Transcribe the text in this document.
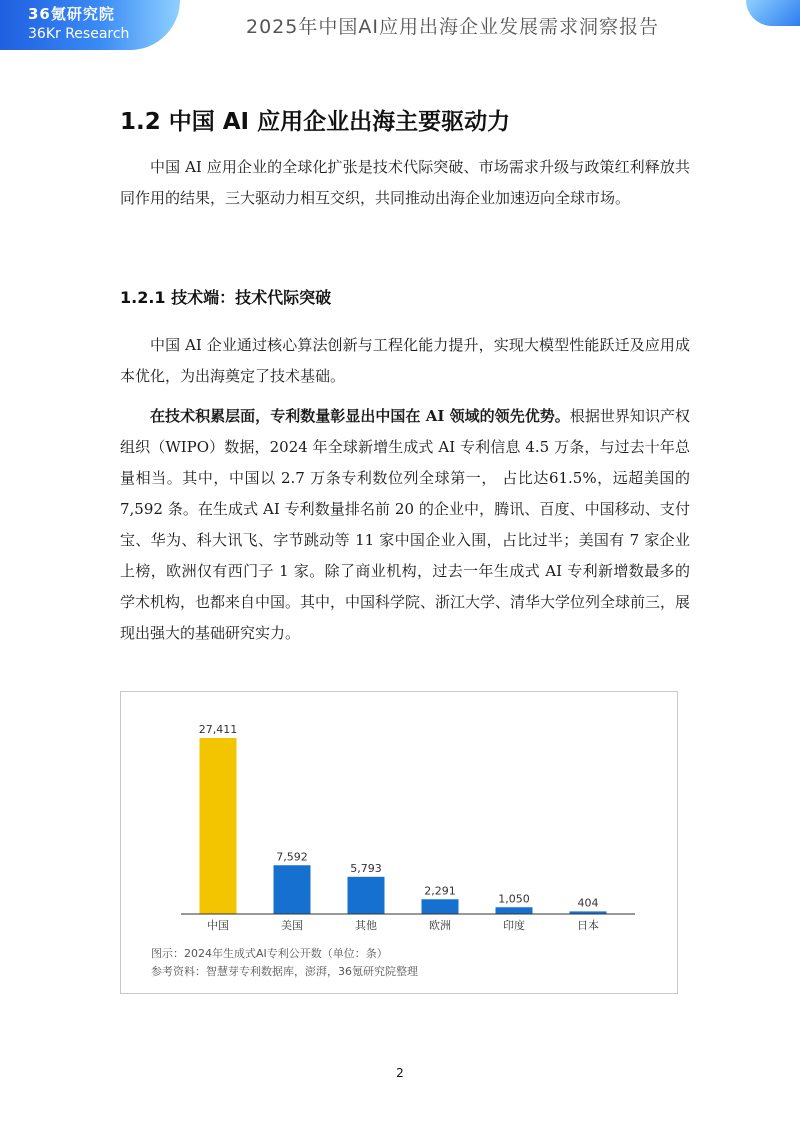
36氪研究院
36Kr Research	2025年中国AI应用出海企业发展需求洞察报告
1.2 中国 AI 应用企业出海主要驱动力

中国 AI 应用企业的全球化扩张是技术代际突破、市场需求升级与政策红利释放共同作用的结果，三大驱动力相互交织，共同推动出海企业加速迈向全球市场。

1.2.1 技术端：技术代际突破

中国 AI 企业通过核心算法创新与工程化能力提升，实现大模型性能跃迁及应用成本优化，为出海奠定了技术基础。

在技术积累层面，专利数量彰显出中国在 AI 领域的领先优势。根据世界知识产权组织（WIPO）数据，2024 年全球新增生成式 AI 专利信息 4.5 万条，与过去十年总量相当。其中，中国以 2.7 万条专利数位列全球第一， 占比达61.5%，远超美国的 7,592 条。在生成式 AI 专利数量排名前 20 的企业中，腾讯、百度、中国移动、支付宝、华为、科大讯飞、字节跳动等 11 家中国企业入围，占比过半；美国有 7 家企业上榜，欧洲仅有西门子 1 家。除了商业机构，过去一年生成式 AI 专利新增数最多的学术机构，也都来自中国。其中，中国科学院、浙江大学、清华大学位列全球前三，展现出强大的基础研究实力。

27,411
中国
7,592
美国
5,793
其他
2,291
欧洲
1,050
印度
404
日本
图示：2024年生成式AI专利公开数（单位：条）
参考资料：智慧芽专利数据库，澎湃，36氪研究院整理
2
